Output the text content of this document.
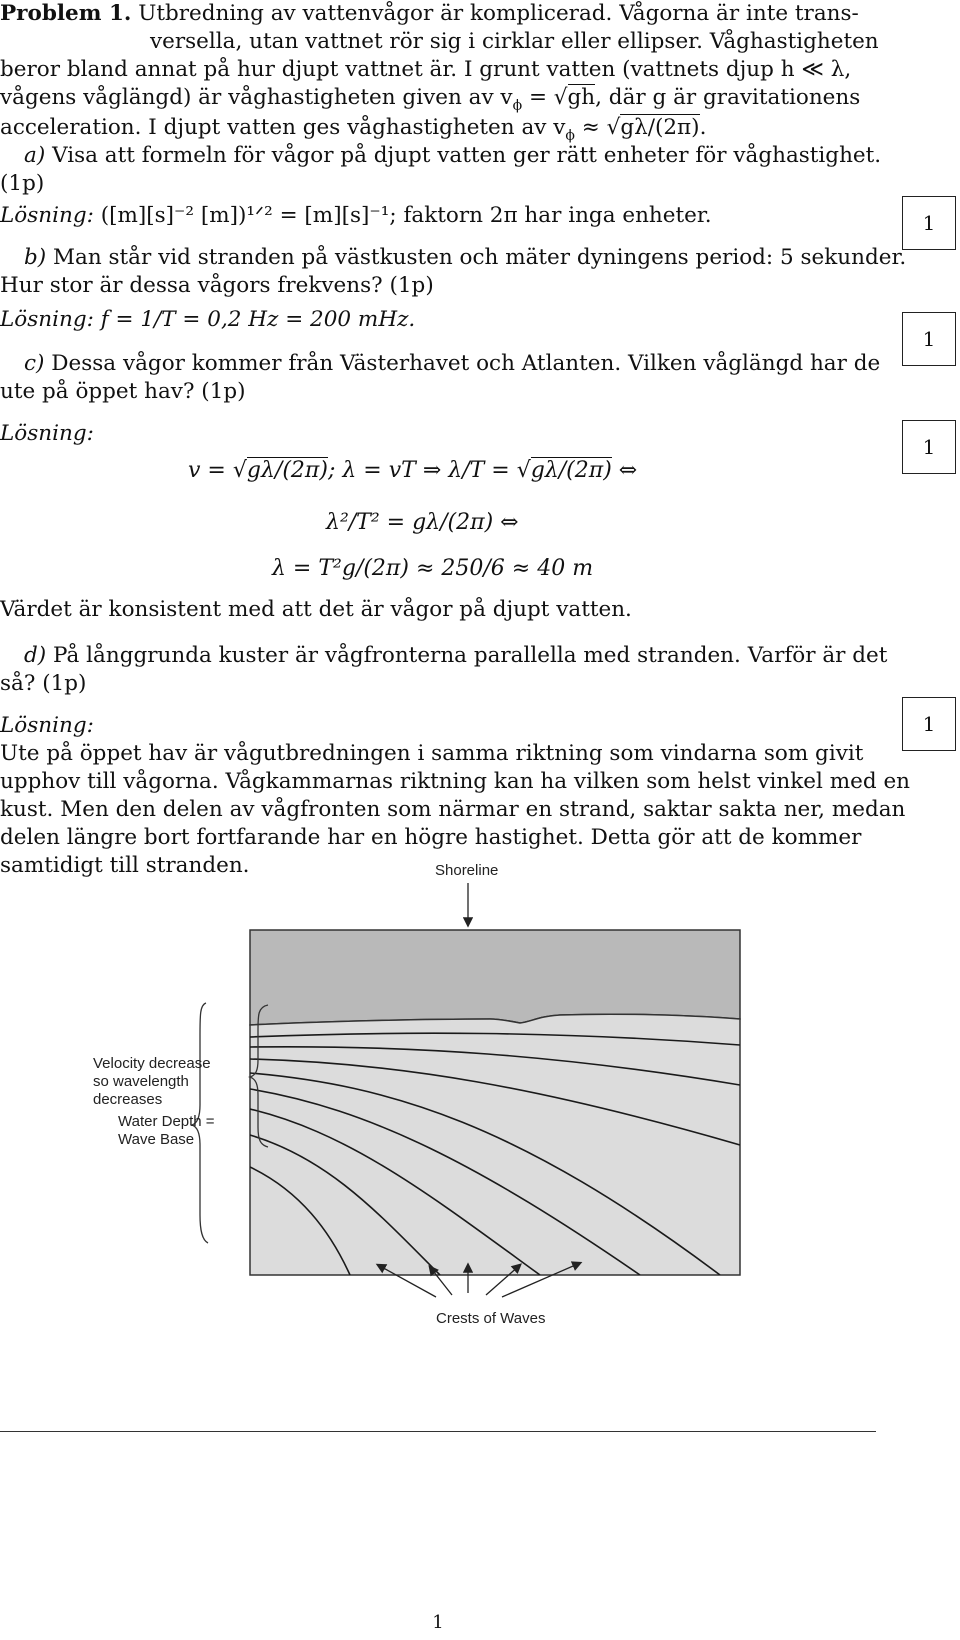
Problem 1. Utbredning av vattenvågor är komplicerad. Vågorna är inte trans-
versella, utan vattnet rör sig i cirklar eller ellipser. Våghastigheten
beror bland annat på hur djupt vattnet är. I grunt vatten (vattnets djup h ≪ λ,
vågens våglängd) är våghastigheten given av $v_\phi = √gh$, där g är gravitationens
acceleration. I djupt vatten ges våghastigheten av $v_\phi \approx √g\lambda/(2\pi)$.
a) Visa att formeln för vågor på djupt vatten ger rätt enheter för våghastighet.
(1p)
Lösning: ([m][s]⁻² [m])¹ᐟ² = [m][s]⁻¹; faktorn 2π har inga enheter.	1
b) Man står vid stranden på västkusten och mäter dyningens period: 5 sekunder.
Hur stor är dessa vågors frekvens? (1p)
Lösning: f = 1/T = 0,2 Hz = 200 mHz.
1
c) Dessa vågor kommer från Västerhavet och Atlanten. Vilken våglängd har de
ute på öppet hav? (1p)
Lösning:
1
v = √gλ/(2π); λ = vT ⇒ λ/T = √gλ/(2π) ⇔
λ²/T² = gλ/(2π) ⇔
λ = T²g/(2π) ≈ 250/6 ≈ 40 m
Värdet är konsistent med att det är vågor på djupt vatten.
d) På långgrunda kuster är vågfronterna parallella med stranden. Varför är det
så? (1p)
Lösning:	1
Ute på öppet hav är vågutbredningen i samma riktning som vindarna som givit
upphov till vågorna. Vågkammarnas riktning kan ha vilken som helst vinkel med en
kust. Men den delen av vågfronten som närmar en strand, saktar sakta ner, medan
delen längre bort fortfarande har en högre hastighet. Detta gör att de kommer
samtidigt till stranden.	Shoreline
Velocity decrease
so wavelength
decreases
Water Depth =
Wave Base
Crests of Waves
1
